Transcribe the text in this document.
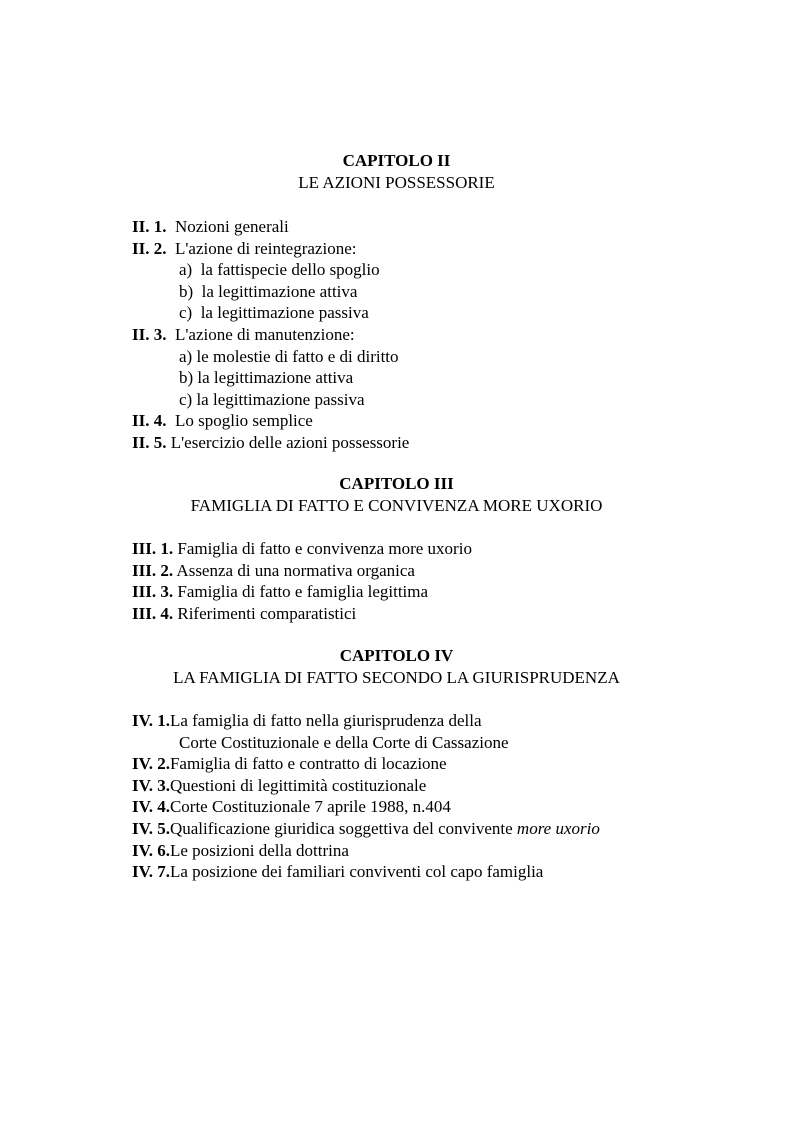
CAPITOLO II
LE AZIONI POSSESSORIE
II. 1. Nozioni generali
II. 2. L'azione di reintegrazione:
a)  la fattispecie dello spoglio
b)  la legittimazione attiva
c)  la legittimazione passiva
II. 3. L'azione di manutenzione:
a) le molestie di fatto e di diritto
b) la legittimazione attiva
c) la legittimazione passiva
II. 4. Lo spoglio semplice
II. 5. L'esercizio delle azioni possessorie
CAPITOLO III
FAMIGLIA DI FATTO E CONVIVENZA MORE UXORIO
III. 1. Famiglia di fatto e convivenza more uxorio
III. 2. Assenza di una normativa organica
III. 3. Famiglia di fatto e famiglia legittima
III. 4. Riferimenti comparatistici
CAPITOLO IV
LA FAMIGLIA DI FATTO SECONDO LA GIURISPRUDENZA
IV. 1.La famiglia di fatto nella giurisprudenza della
Corte Costituzionale e della Corte di Cassazione
IV. 2.Famiglia di fatto e contratto di locazione
IV. 3.Questioni di legittimità costituzionale
IV. 4.Corte Costituzionale 7 aprile 1988, n.404
IV. 5.Qualificazione giuridica soggettiva del convivente more uxorio
IV. 6.Le posizioni della dottrina
IV. 7.La posizione dei familiari conviventi col capo famiglia
